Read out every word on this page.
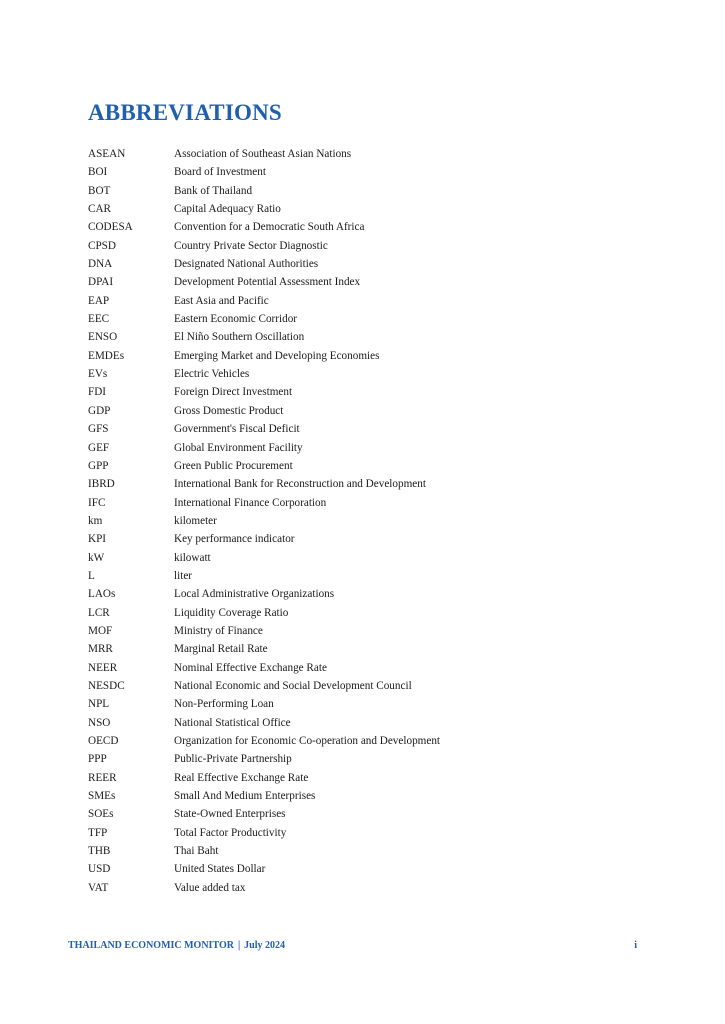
ABBREVIATIONS
ASEAN	Association of Southeast Asian Nations
BOI	Board of Investment
BOT	Bank of Thailand
CAR	Capital Adequacy Ratio
CODESA	Convention for a Democratic South Africa
CPSD	Country Private Sector Diagnostic
DNA	Designated National Authorities
DPAI	Development Potential Assessment Index
EAP	East Asia and Pacific
EEC	Eastern Economic Corridor
ENSO	El Niño Southern Oscillation
EMDEs	Emerging Market and Developing Economies
EVs	Electric Vehicles
FDI	Foreign Direct Investment
GDP	Gross Domestic Product
GFS	Government's Fiscal Deficit
GEF	Global Environment Facility
GPP	Green Public Procurement
IBRD	International Bank for Reconstruction and Development
IFC	International Finance Corporation
km	kilometer
KPI	Key performance indicator
kW	kilowatt
L	liter
LAOs	Local Administrative Organizations
LCR	Liquidity Coverage Ratio
MOF	Ministry of Finance
MRR	Marginal Retail Rate
NEER	Nominal Effective Exchange Rate
NESDC	National Economic and Social Development Council
NPL	Non-Performing Loan
NSO	National Statistical Office
OECD	Organization for Economic Co-operation and Development
PPP	Public-Private Partnership
REER	Real Effective Exchange Rate
SMEs	Small And Medium Enterprises
SOEs	State-Owned Enterprises
TFP	Total Factor Productivity
THB	Thai Baht
USD	United States Dollar
VAT	Value added tax
THAILAND ECONOMIC MONITOR | July 2024	i
